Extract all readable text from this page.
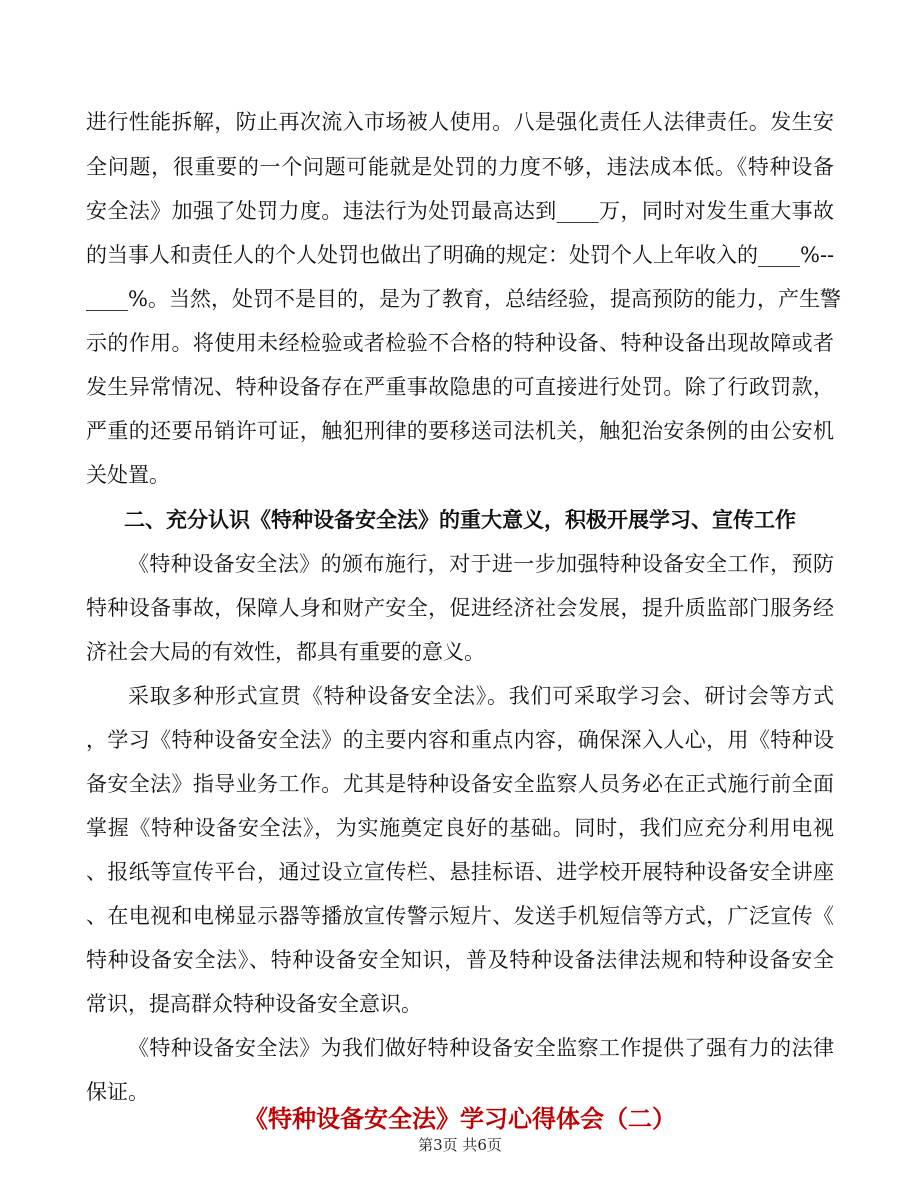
进行性能拆解，防止再次流入市场被人使用。八是强化责任人法律责任。发生安
全问题，很重要的一个问题可能就是处罚的力度不够，违法成本低。《特种设备
安全法》加强了处罚力度。违法行为处罚最高达到____万，同时对发生重大事故
的当事人和责任人的个人处罚也做出了明确的规定：处罚个人上年收入的____%--
____%。当然，处罚不是目的，是为了教育，总结经验，提高预防的能力，产生警
示的作用。将使用未经检验或者检验不合格的特种设备、特种设备出现故障或者
发生异常情况、特种设备存在严重事故隐患的可直接进行处罚。除了行政罚款，
严重的还要吊销许可证，触犯刑律的要移送司法机关，触犯治安条例的由公安机
关处置。
二、充分认识《特种设备安全法》的重大意义，积极开展学习、宣传工作
《特种设备安全法》的颁布施行，对于进一步加强特种设备安全工作，预防
特种设备事故，保障人身和财产安全，促进经济社会发展，提升质监部门服务经
济社会大局的有效性，都具有重要的意义。
采取多种形式宣贯《特种设备安全法》。我们可采取学习会、研讨会等方式
，学习《特种设备安全法》的主要内容和重点内容，确保深入人心，用《特种设
备安全法》指导业务工作。尤其是特种设备安全监察人员务必在正式施行前全面
掌握《特种设备安全法》，为实施奠定良好的基础。同时，我们应充分利用电视
、报纸等宣传平台，通过设立宣传栏、悬挂标语、进学校开展特种设备安全讲座
、在电视和电梯显示器等播放宣传警示短片、发送手机短信等方式，广泛宣传《
特种设备安全法》、特种设备安全知识，普及特种设备法律法规和特种设备安全
常识，提高群众特种设备安全意识。
《特种设备安全法》为我们做好特种设备安全监察工作提供了强有力的法律
保证。
《特种设备安全法》学习心得体会（二）
第3页 共6页
